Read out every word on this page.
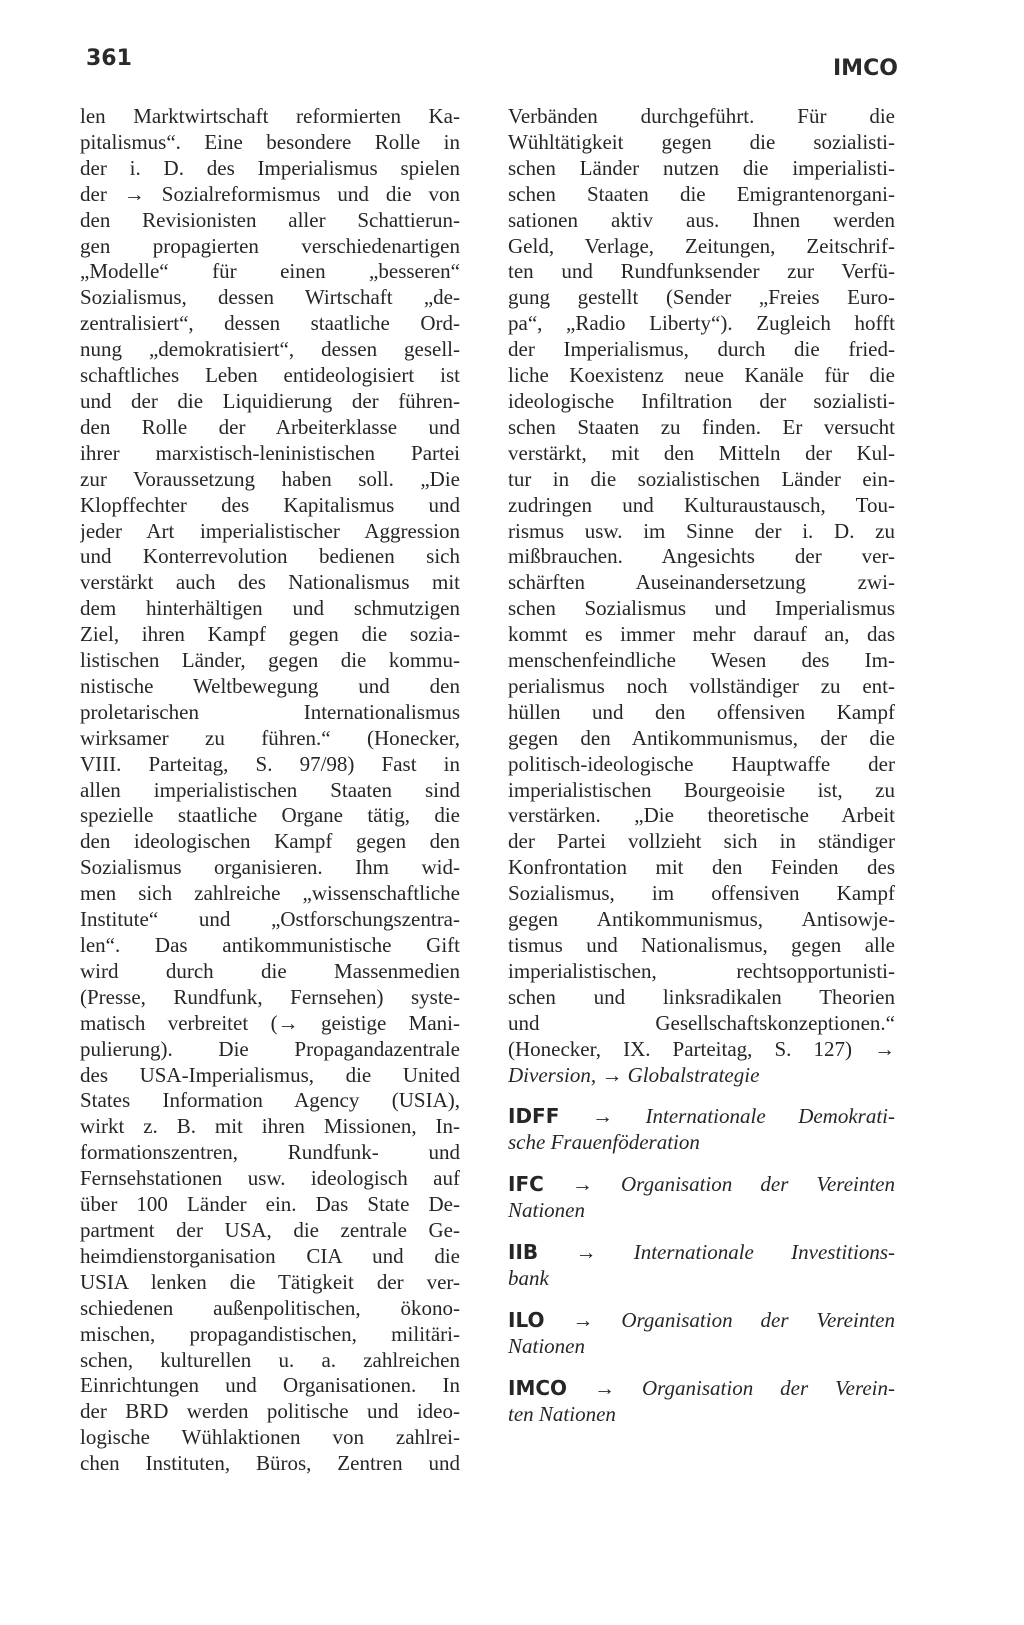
361	IMCO
len Marktwirtschaft reformierten Ka-
pitalismus“. Eine besondere Rolle in
der i. D. des Imperialismus spielen
der → Sozialreformismus und die von
den Revisionisten aller Schattierun-
gen propagierten verschiedenartigen
„Modelle“ für einen „besseren“
Sozialismus, dessen Wirtschaft „de-
zentralisiert“, dessen staatliche Ord-
nung „demokratisiert“, dessen gesell-
schaftliches Leben entideologisiert ist
und der die Liquidierung der führen-
den Rolle der Arbeiterklasse und
ihrer marxistisch-leninistischen Partei
zur Voraussetzung haben soll. „Die
Klopffechter des Kapitalismus und
jeder Art imperialistischer Aggression
und Konterrevolution bedienen sich
verstärkt auch des Nationalismus mit
dem hinterhältigen und schmutzigen
Ziel, ihren Kampf gegen die sozia-
listischen Länder, gegen die kommu-
nistische Weltbewegung und den
proletarischen Internationalismus
wirksamer zu führen.“ (Honecker,
VIII. Parteitag, S. 97/98) Fast in
allen imperialistischen Staaten sind
spezielle staatliche Organe tätig, die
den ideologischen Kampf gegen den
Sozialismus organisieren. Ihm wid-
men sich zahlreiche „wissenschaftliche
Institute“ und „Ostforschungszentra-
len“. Das antikommunistische Gift
wird durch die Massenmedien
(Presse, Rundfunk, Fernsehen) syste-
matisch verbreitet (→ geistige Mani-
pulierung). Die Propagandazentrale
des USA-Imperialismus, die United
States Information Agency (USIA),
wirkt z. B. mit ihren Missionen, In-
formationszentren, Rundfunk- und
Fernsehstationen usw. ideologisch auf
über 100 Länder ein. Das State De-
partment der USA, die zentrale Ge-
heimdienstorganisation CIA und die
USIA lenken die Tätigkeit der ver-
schiedenen außenpolitischen, ökono-
mischen, propagandistischen, militäri-
schen, kulturellen u. a. zahlreichen
Einrichtungen und Organisationen. In
der BRD werden politische und ideo-
logische Wühlaktionen von zahlrei-
chen Instituten, Büros, Zentren und
Verbänden durchgeführt. Für die
Wühltätigkeit gegen die sozialisti-
schen Länder nutzen die imperialisti-
schen Staaten die Emigrantenorgani-
sationen aktiv aus. Ihnen werden
Geld, Verlage, Zeitungen, Zeitschrif-
ten und Rundfunksender zur Verfü-
gung gestellt (Sender „Freies Euro-
pa“, „Radio Liberty“). Zugleich hofft
der Imperialismus, durch die fried-
liche Koexistenz neue Kanäle für die
ideologische Infiltration der sozialisti-
schen Staaten zu finden. Er versucht
verstärkt, mit den Mitteln der Kul-
tur in die sozialistischen Länder ein-
zudringen und Kulturaustausch, Tou-
rismus usw. im Sinne der i. D. zu
mißbrauchen. Angesichts der ver-
schärften Auseinandersetzung zwi-
schen Sozialismus und Imperialismus
kommt es immer mehr darauf an, das
menschenfeindliche Wesen des Im-
perialismus noch vollständiger zu ent-
hüllen und den offensiven Kampf
gegen den Antikommunismus, der die
politisch-ideologische Hauptwaffe der
imperialistischen Bourgeoisie ist, zu
verstärken. „Die theoretische Arbeit
der Partei vollzieht sich in ständiger
Konfrontation mit den Feinden des
Sozialismus, im offensiven Kampf
gegen Antikommunismus, Antisowje-
tismus und Nationalismus, gegen alle
imperialistischen, rechtsopportunisti-
schen und linksradikalen Theorien
und Gesellschaftskonzeptionen.“
(Honecker, IX. Parteitag, S. 127) →
Diversion, → Globalstrategie
IDFF → Internationale Demokrati-
sche Frauenföderation
IFC → Organisation der Vereinten
Nationen
IIB → Internationale Investitions-
bank
ILO → Organisation der Vereinten
Nationen
IMCO → Organisation der Verein-
ten Nationen
